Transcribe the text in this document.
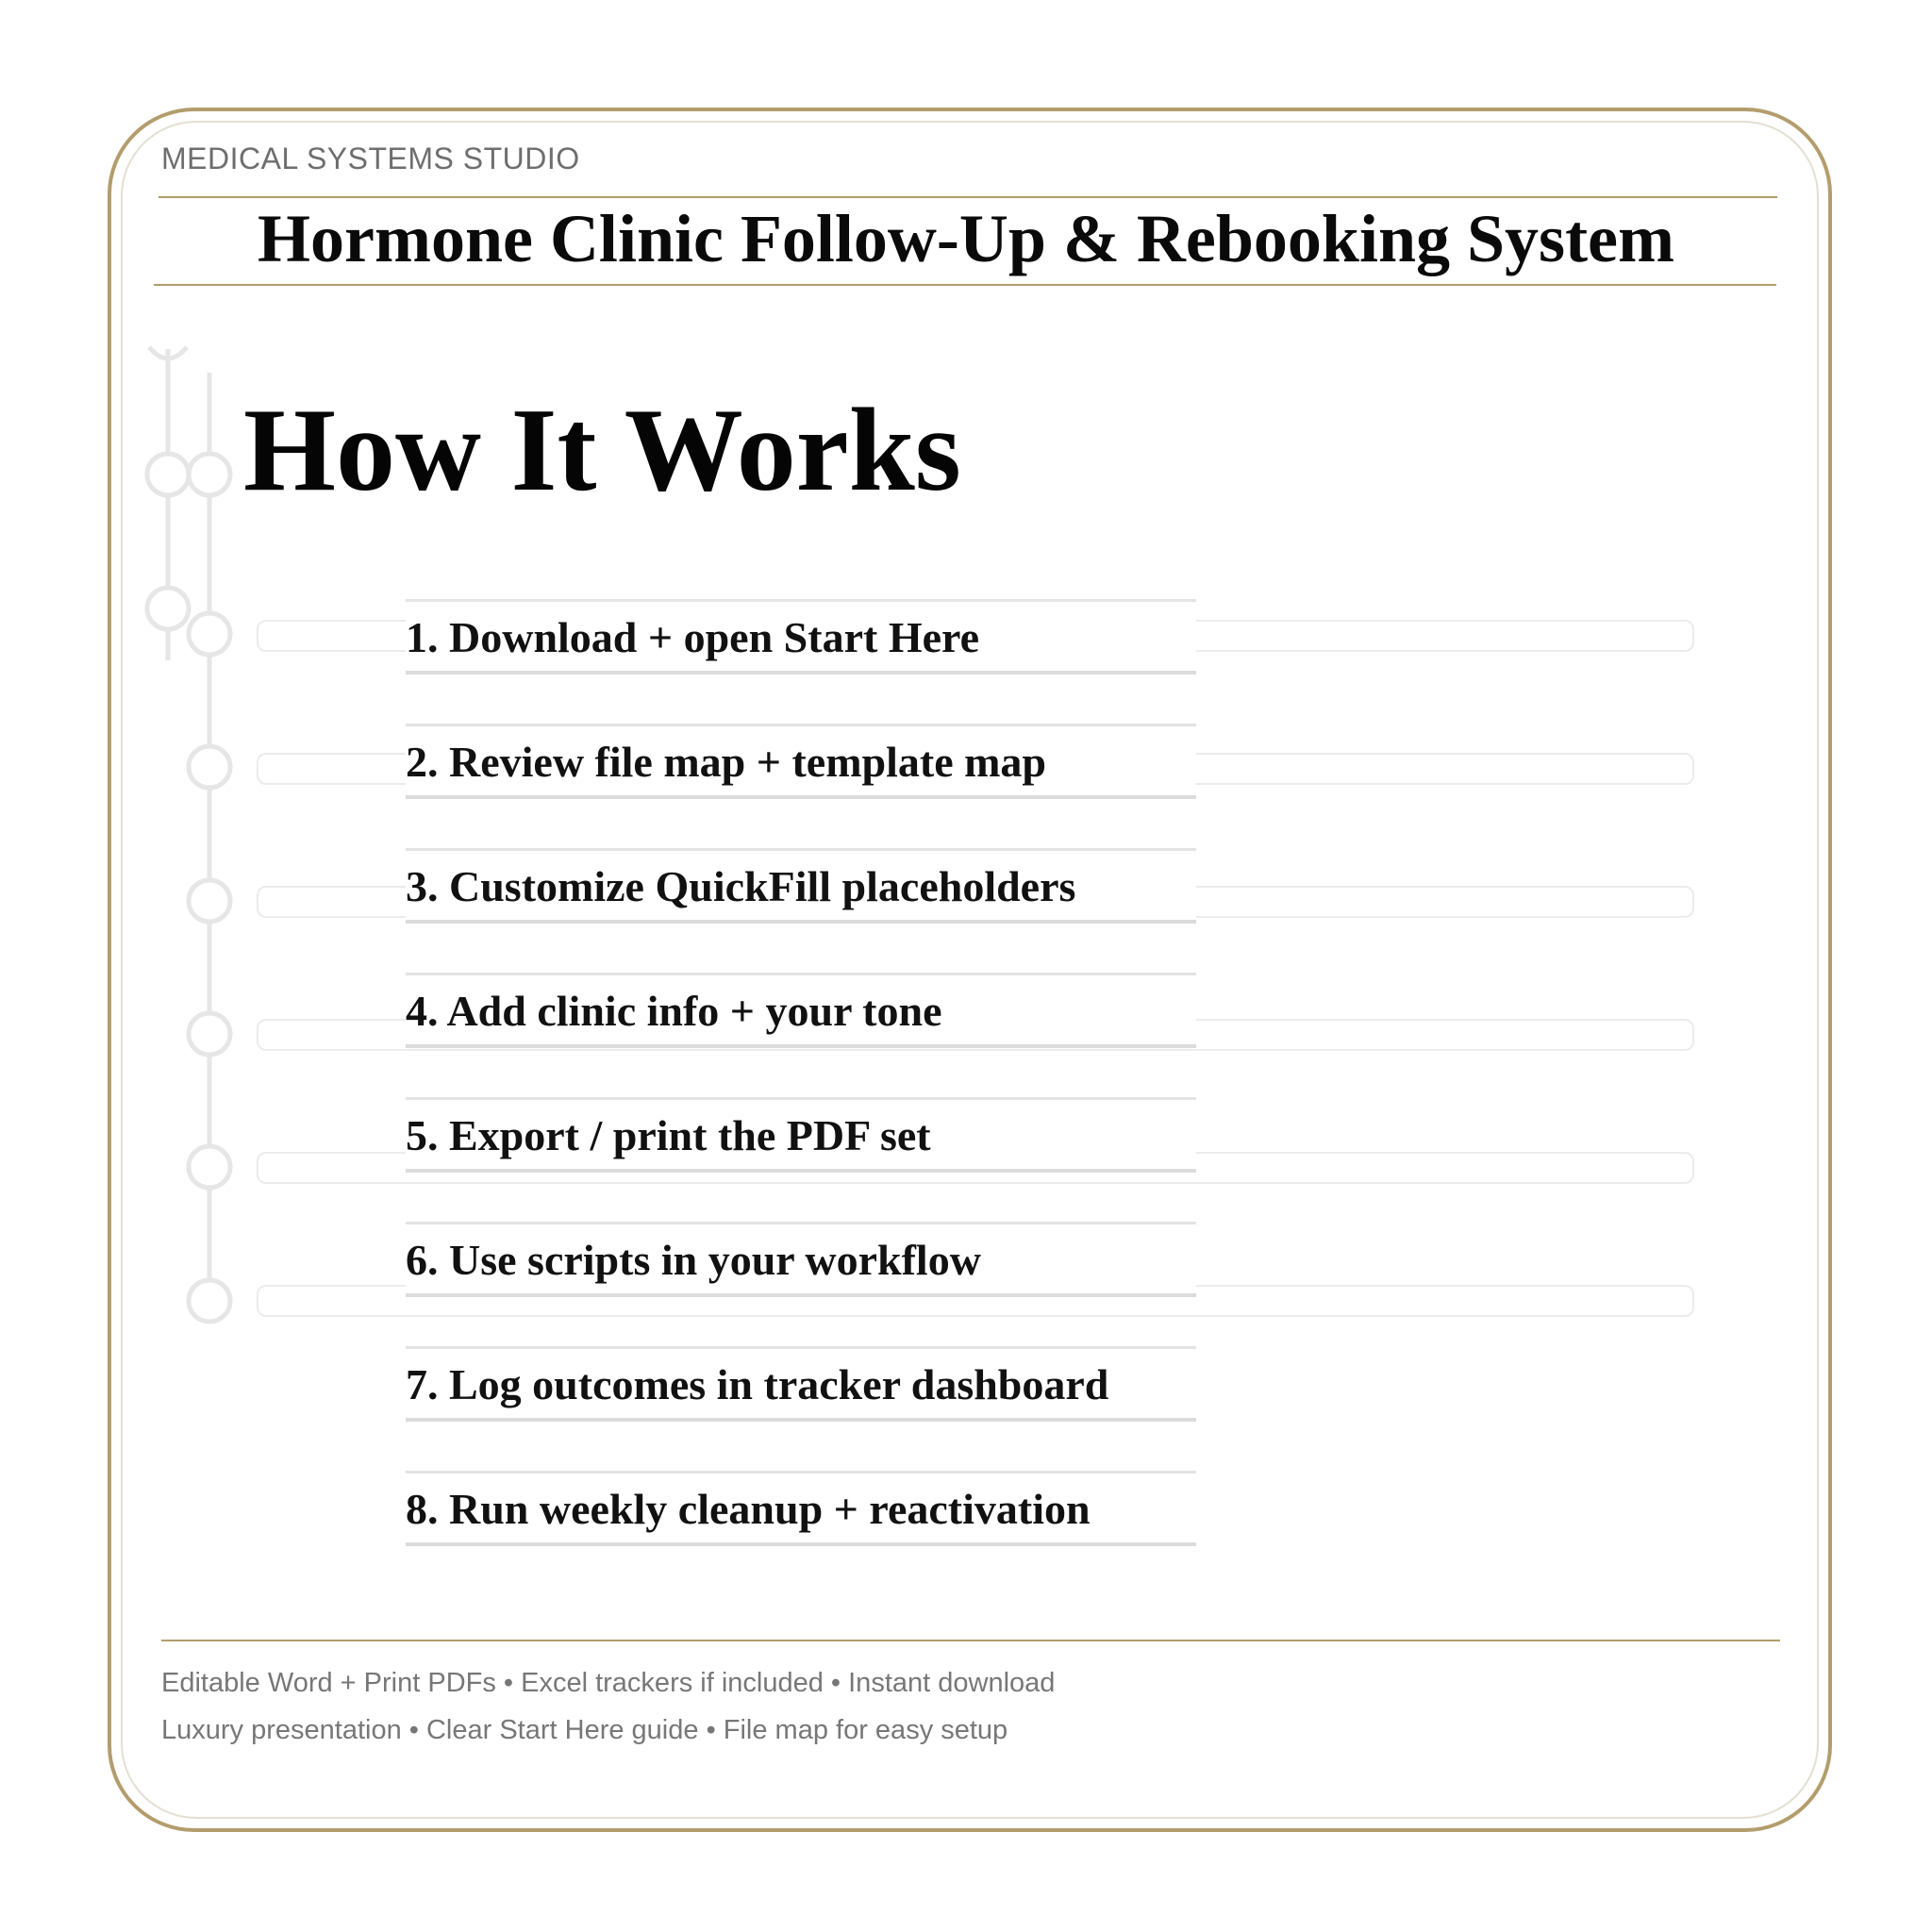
MEDICAL SYSTEMS STUDIO
Hormone Clinic Follow-Up & Rebooking System
1. Download + open Start Here
2. Review file map + template map
3. Customize QuickFill placeholders
4. Add clinic info + your tone
5. Export / print the PDF set
6. Use scripts in your workflow
7. Log outcomes in tracker dashboard
8. Run weekly cleanup + reactivation
How It Works
Editable Word + Print PDFs • Excel trackers if included • Instant download
Luxury presentation • Clear Start Here guide • File map for easy setup
